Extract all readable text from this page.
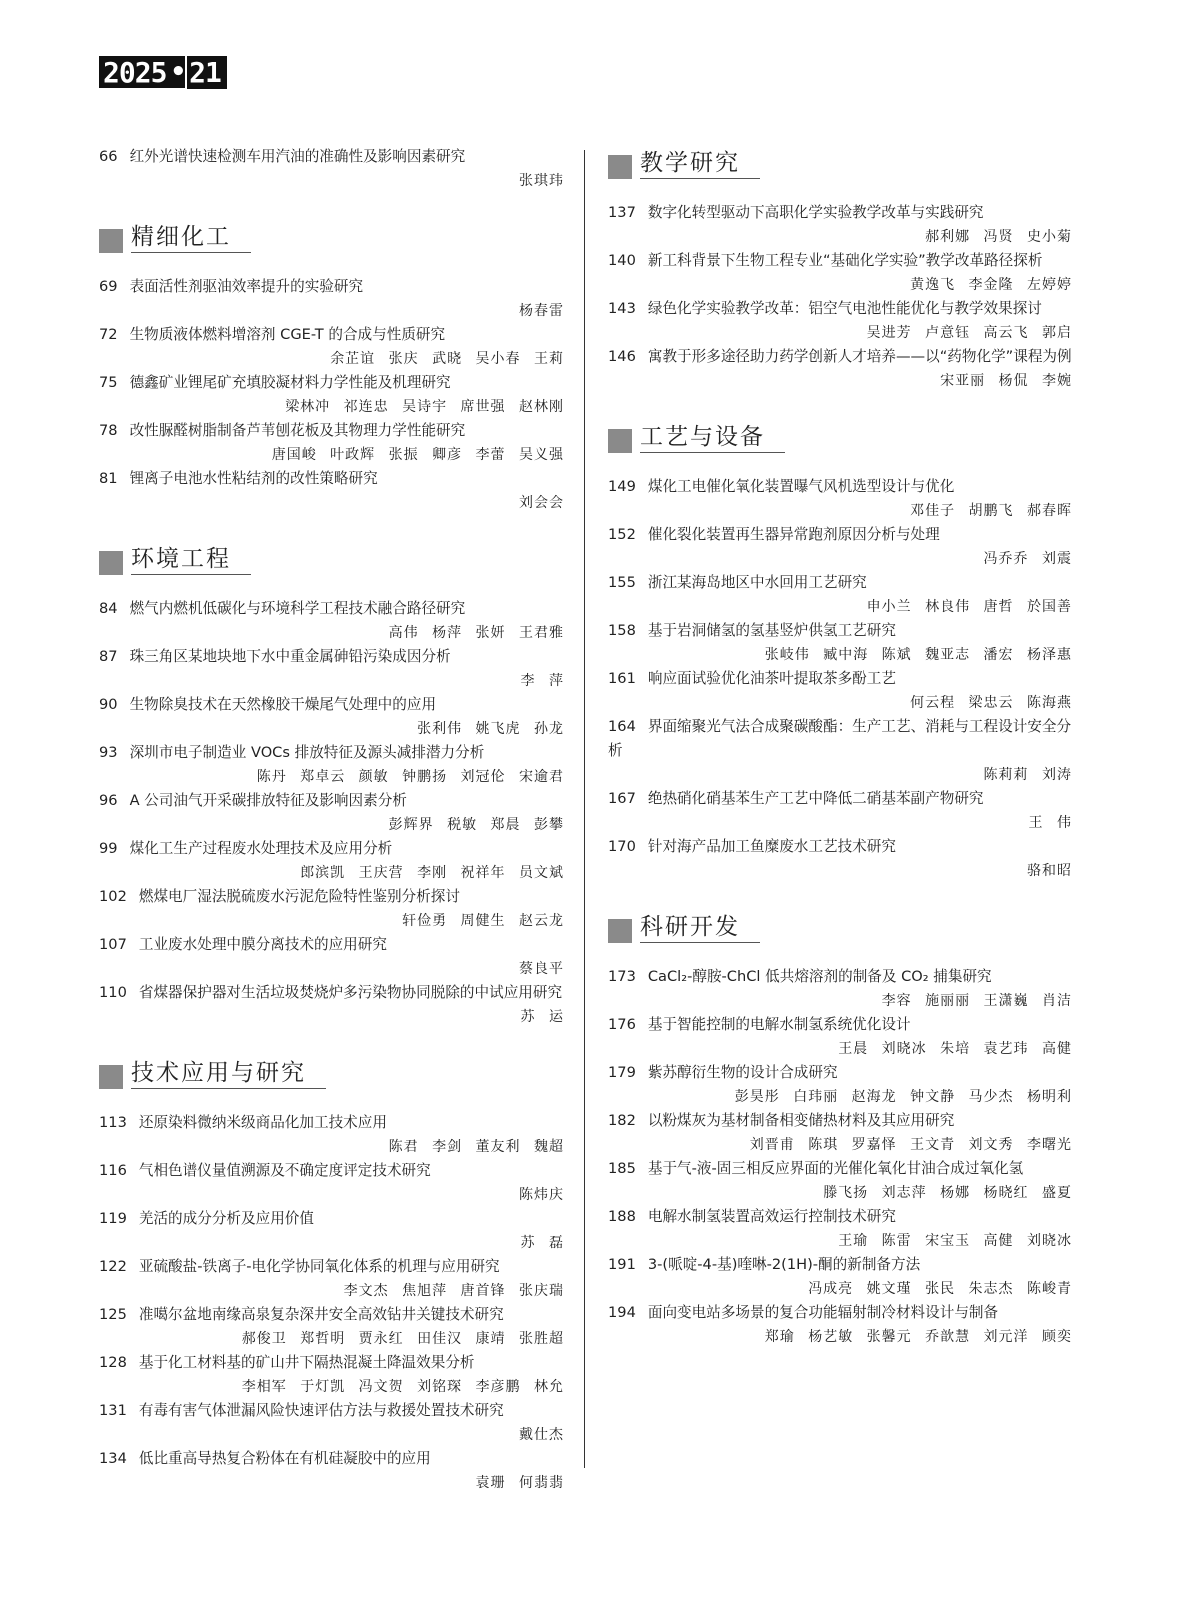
2025 • 21
66 红外光谱快速检测车用汽油的准确性及影响因素研究
张琪玮
精细化工
69 表面活性剂驱油效率提升的实验研究
杨春雷
72 生物质液体燃料增溶剂 CGE-T 的合成与性质研究
余芷谊 张庆 武晓 吴小春 王莉
75 德鑫矿业锂尾矿充填胶凝材料力学性能及机理研究
梁林冲 祁连忠 吴诗宇 席世强 赵林刚
78 改性脲醛树脂制备芦苇刨花板及其物理力学性能研究
唐国峻 叶政辉 张振 卿彦 李蕾 吴义强
81 锂离子电池水性粘结剂的改性策略研究
刘会会
环境工程
84 燃气内燃机低碳化与环境科学工程技术融合路径研究
高伟 杨萍 张妍 王君雅
87 珠三角区某地块地下水中重金属砷铅污染成因分析
李 萍
90 生物除臭技术在天然橡胶干燥尾气处理中的应用
张利伟 姚飞虎 孙龙
93 深圳市电子制造业 VOCs 排放特征及源头减排潜力分析
陈丹 郑卓云 颜敏 钟鹏扬 刘冠伦 宋逾君
96 A 公司油气开采碳排放特征及影响因素分析
彭辉界 税敏 郑晨 彭攀
99 煤化工生产过程废水处理技术及应用分析
郎滨凯 王庆营 李刚 祝祥年 员文斌
102 燃煤电厂湿法脱硫废水污泥危险特性鉴别分析探讨
轩俭勇 周健生 赵云龙
107 工业废水处理中膜分离技术的应用研究
蔡良平
110 省煤器保护器对生活垃圾焚烧炉多污染物协同脱除的中试应用研究
苏 运
技术应用与研究
113 还原染料微纳米级商品化加工技术应用
陈君 李剑 董友利 魏超
116 气相色谱仪量值溯源及不确定度评定技术研究
陈炜庆
119 羌活的成分分析及应用价值
苏 磊
122 亚硫酸盐-铁离子-电化学协同氧化体系的机理与应用研究
李文杰 焦旭萍 唐首锋 张庆瑞
125 准噶尔盆地南缘高泉复杂深井安全高效钻井关键技术研究
郝俊卫 郑哲明 贾永红 田佳汉 康靖 张胜超
128 基于化工材料基的矿山井下隔热混凝土降温效果分析
李相军 于灯凯 冯文贺 刘铭琛 李彦鹏 林允
131 有毒有害气体泄漏风险快速评估方法与救援处置技术研究
戴仕杰
134 低比重高导热复合粉体在有机硅凝胶中的应用
袁珊 何翡翡
教学研究
137 数字化转型驱动下高职化学实验教学改革与实践研究
郝利娜 冯贤 史小菊
140 新工科背景下生物工程专业“基础化学实验”教学改革路径探析
黄逸飞 李金隆 左婷婷
143 绿色化学实验教学改革：铝空气电池性能优化与教学效果探讨
吴进芳 卢意钰 高云飞 郭启
146 寓教于形多途径助力药学创新人才培养——以“药物化学”课程为例
宋亚丽 杨侃 李婉
工艺与设备
149 煤化工电催化氧化装置曝气风机选型设计与优化
邓佳子 胡鹏飞 郝春晖
152 催化裂化装置再生器异常跑剂原因分析与处理
冯乔乔 刘震
155 浙江某海岛地区中水回用工艺研究
申小兰 林良伟 唐哲 於国善
158 基于岩洞储氢的氢基竖炉供氢工艺研究
张岐伟 臧中海 陈斌 魏亚志 潘宏 杨泽惠
161 响应面试验优化油茶叶提取茶多酚工艺
何云程 梁忠云 陈海燕
164 界面缩聚光气法合成聚碳酸酯：生产工艺、消耗与工程设计安全分析
陈莉莉 刘涛
167 绝热硝化硝基苯生产工艺中降低二硝基苯副产物研究
王 伟
170 针对海产品加工鱼糜废水工艺技术研究
骆和昭
科研开发
173 CaCl₂-醇胺-ChCl 低共熔溶剂的制备及 CO₂ 捕集研究
李容 施丽丽 王潇巍 肖洁
176 基于智能控制的电解水制氢系统优化设计
王晨 刘晓冰 朱培 袁艺玮 高健
179 紫苏醇衍生物的设计合成研究
彭昊彤 白玮丽 赵海龙 钟文静 马少杰 杨明利
182 以粉煤灰为基材制备相变储热材料及其应用研究
刘晋甫 陈琪 罗嘉怿 王文青 刘文秀 李曙光
185 基于气-液-固三相反应界面的光催化氧化甘油合成过氧化氢
滕飞扬 刘志萍 杨娜 杨晓红 盛夏
188 电解水制氢装置高效运行控制技术研究
王瑜 陈雷 宋宝玉 高健 刘晓冰
191 3-(哌啶-4-基)喹啉-2(1H)-酮的新制备方法
冯成亮 姚文瑾 张民 朱志杰 陈峻青
194 面向变电站多场景的复合功能辐射制冷材料设计与制备
郑瑜 杨艺敏 张馨元 乔歆慧 刘元洋 顾奕
